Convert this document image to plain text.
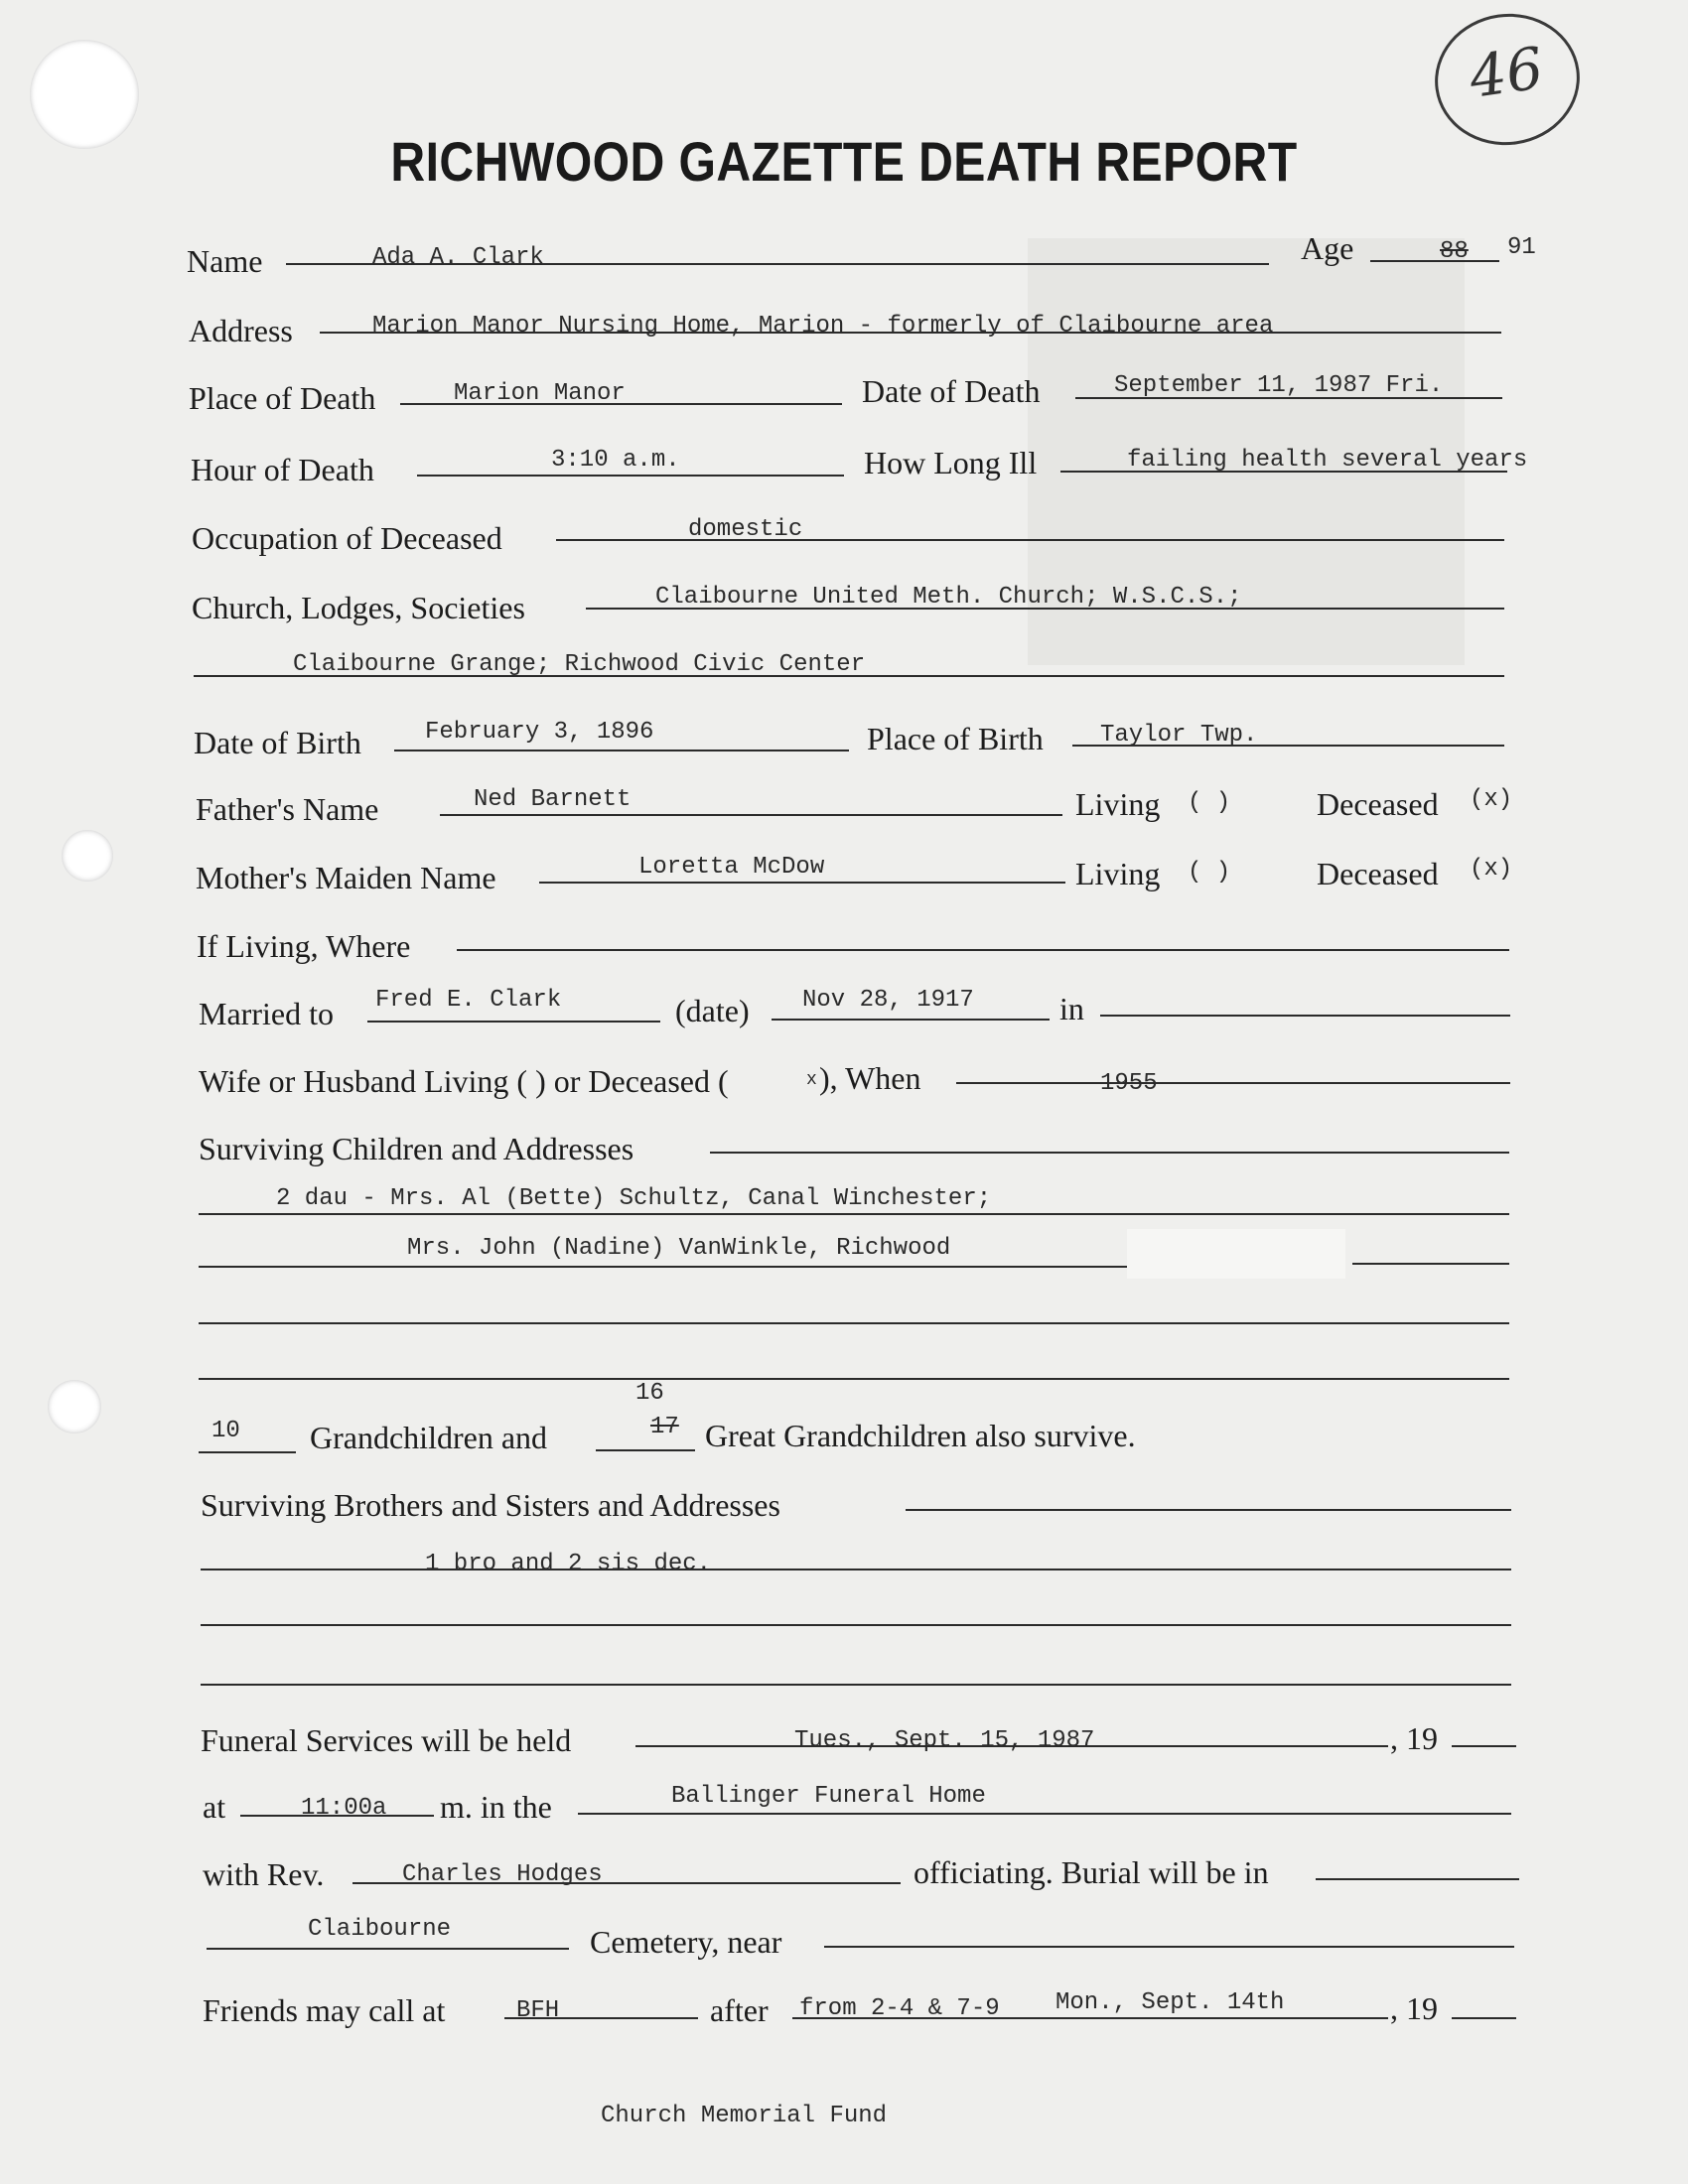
46
RICHWOOD GAZETTE DEATH REPORT
Name	Ada A. Clark	Age	88 91
Address	Marion Manor Nursing Home, Marion - formerly of Claibourne area
Place of Death	Marion Manor	Date of Death	September 11, 1987 Fri.
Hour of Death	3:10 a.m.	How Long Ill	failing health several years
Occupation of Deceased	domestic
Church, Lodges, Societies	Claibourne United Meth. Church; W.S.C.S.;
Claibourne Grange; Richwood Civic Center
Date of Birth	February 3, 1896	Place of Birth Taylor Twp.
Father's Name	Ned Barnett	Living ( )	Deceased (x)
Mother's Maiden Name	Loretta McDow	Living ( )	Deceased (x)
If Living, Where
Married to Fred E. Clark	(date) Nov 28, 1917	in
Wife or Husband Living ( ) or Deceased (	x ), When	1955
Surviving Children and Addresses
2 dau - Mrs. Al (Bette) Schultz, Canal Winchester;
Mrs. John (Nadine) VanWinkle, Richwood
10 Grandchildren and
16
17 Great Grandchildren also survive.
Surviving Brothers and Sisters and Addresses
1 bro and 2 sis dec.
Funeral Services will be held	Tues., Sept. 15, 1987	, 19
at	11:00a m. in the	Ballinger Funeral Home
with Rev.	Charles Hodges	officiating. Burial will be in
Claibourne	Cemetery, near
Friends may call at	BFH	after from 2-4 & 7-9 Mon., Sept. 14th	, 19
Church Memorial Fund
